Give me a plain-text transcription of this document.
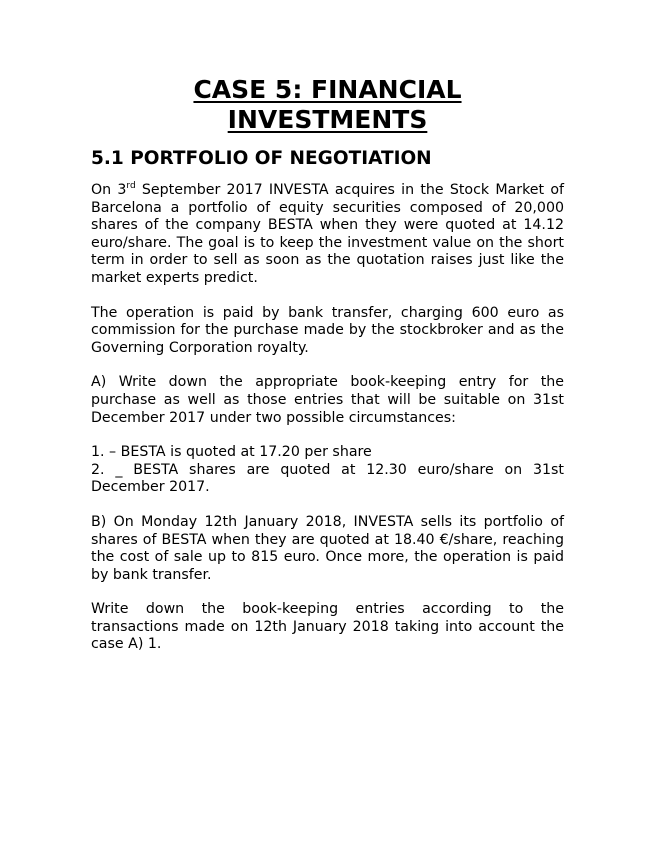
CASE 5: FINANCIAL
INVESTMENTS
5.1 PORTFOLIO OF NEGOTIATION

On 3rd September 2017 INVESTA acquires in the Stock Market of Barcelona a portfolio of equity securities composed of 20,000 shares of the company BESTA when they were quoted at 14.12 euro/share. The goal is to keep the investment value on the short term in order to sell as soon as the quotation raises just like the market experts predict.

The operation is paid by bank transfer, charging 600 euro as commission for the purchase made by the stockbroker and as the Governing Corporation royalty.

A) Write down the appropriate book-keeping entry for the purchase as well as those entries that will be suitable on 31st December 2017 under two possible circumstances:

1. – BESTA is quoted at 17.20 per share

2. _ BESTA shares are quoted at 12.30 euro/share on 31st December 2017.

B) On Monday 12th January 2018, INVESTA sells its portfolio of shares of BESTA when they are quoted at 18.40 €/share, reaching the cost of sale up to 815 euro. Once more, the operation is paid by bank transfer.

Write down the book-keeping entries according to the transactions made on 12th January 2018 taking into account the case A) 1.
